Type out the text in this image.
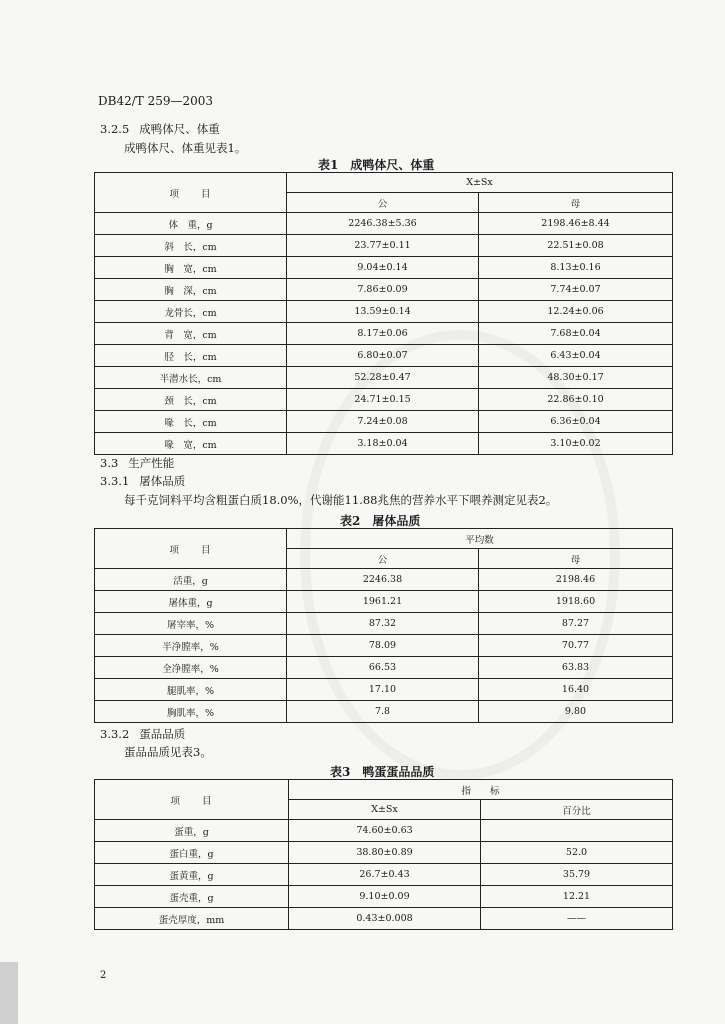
DB42/T 259—2003
3.2.5 成鸭体尺、体重
成鸭体尺、体重见表1。
表1　成鸭体尺、体重
项　　目	X±Sx	
	公	母
体　重，g	2246.38±5.36	2198.46±8.44
斜　长，cm	23.77±0.11	22.51±0.08
胸　宽，cm	9.04±0.14	8.13±0.16
胸　深，cm	7.86±0.09	7.74±0.07
龙骨长，cm	13.59±0.14	12.24±0.06
背　宽，cm	8.17±0.06	7.68±0.04
胫　长，cm	6.80±0.07	6.43±0.04
半潜水长，cm	52.28±0.47	48.30±0.17
颈　长，cm	24.71±0.15	22.86±0.10
喙　长，cm	7.24±0.08	6.36±0.04
喙　宽，cm	3.18±0.04	3.10±0.02
3.3 生产性能
3.3.1 屠体品质
每千克饲料平均含粗蛋白质18.0%，代谢能11.88兆焦的营养水平下喂养测定见表2。
表2　屠体品质
项　　目	平均数	
	公	母
活重，g	2246.38	2198.46
屠体重，g	1961.21	1918.60
屠宰率，%	87.32	87.27
半净膛率，%	78.09	70.77
全净膛率，%	66.53	63.83
腿肌率，%	17.10	16.40
胸肌率，%	7.8	9.80
3.3.2 蛋品品质
蛋品品质见表3。
表3　鸭蛋蛋品品质
项　　目	指　　标	
	X±Sx	百分比
蛋重，g	74.60±0.63	
蛋白重，g	38.80±0.89	52.0
蛋黄重，g	26.7±0.43	35.79
蛋壳重，g	9.10±0.09	12.21
蛋壳厚度，mm	0.43±0.008	——
2
